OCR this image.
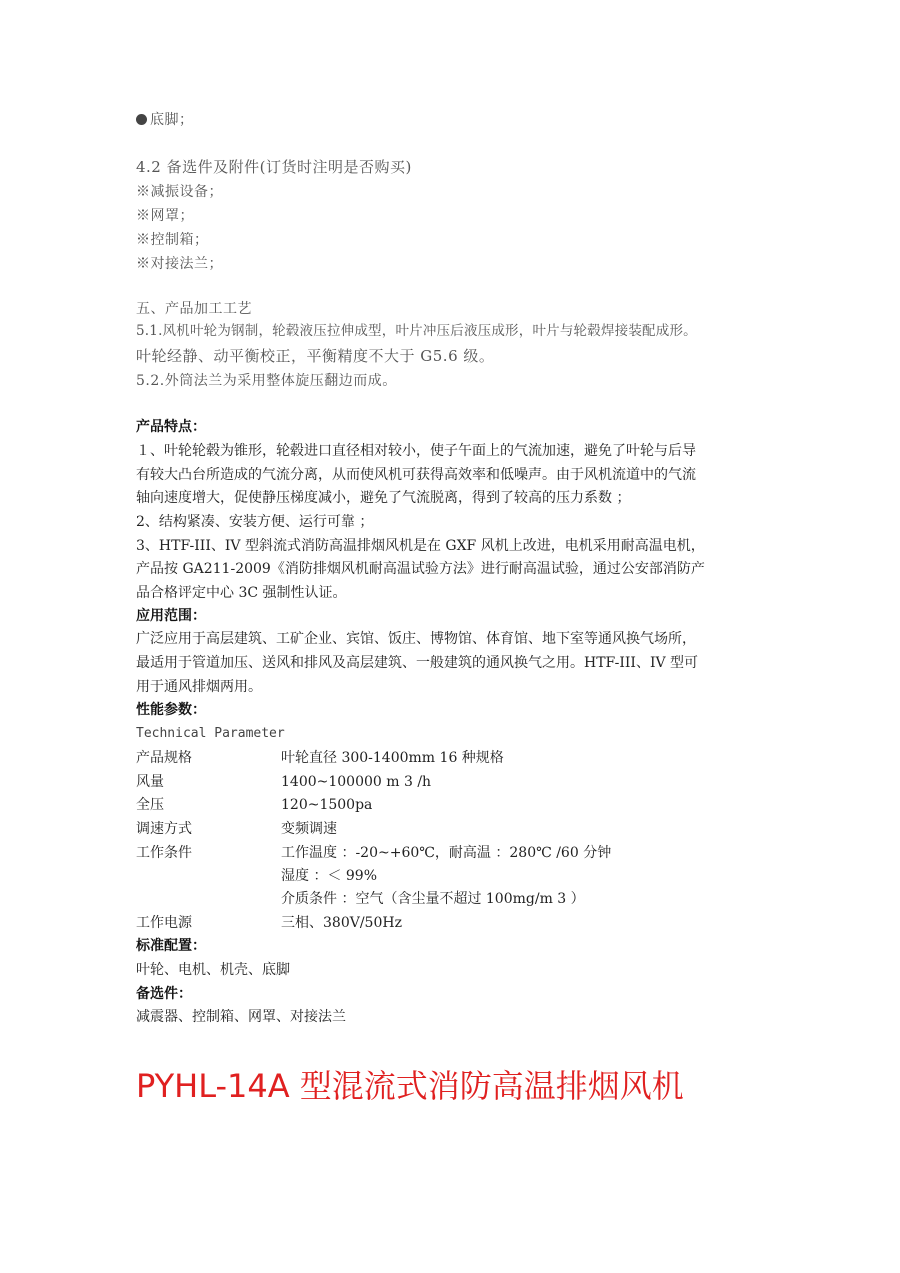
底脚；

4.2 备选件及附件(订货时注明是否购买)

※减振设备；

※网罩；

※控制箱；

※对接法兰；

五、产品加工工艺

5.1.风机叶轮为钢制，轮毂液压拉伸成型，叶片冲压后液压成形，叶片与轮毂焊接装配成形。

叶轮经静、动平衡校正，平衡精度不大于 G5.6 级。

5.2.外筒法兰为采用整体旋压翻边而成。

产品特点：

１、叶轮轮毂为锥形，轮毂进口直径相对较小，使子午面上的气流加速，避免了叶轮与后导

有较大凸台所造成的气流分离，从而使风机可获得高效率和低噪声。由于风机流道中的气流

轴向速度增大，促使静压梯度减小，避免了气流脱离，得到了较高的压力系数 ；

2、结构紧凑、安装方便、运行可靠 ；

3、HTF-III、IV 型斜流式消防高温排烟风机是在 GXF 风机上改进，电机采用耐高温电机，

产品按 GA211-2009《消防排烟风机耐高温试验方法》进行耐高温试验，通过公安部消防产

品合格评定中心 3C 强制性认证。

应用范围：

广泛应用于高层建筑、工矿企业、宾馆、饭庄、博物馆、体育馆、地下室等通风换气场所，

最适用于管道加压、送风和排风及高层建筑、一般建筑的通风换气之用。HTF-III、IV 型可

用于通风排烟两用。

性能参数：

Technical Parameter

产品规格	叶轮直径 300-1400mm 16 种规格
风量	1400~100000 m 3 /h
全压	120~1500pa
调速方式	变频调速
工作条件	工作温度 ：-20~+60℃，耐高温 ：280℃ /60 分钟
湿度 ：＜ 99%
介质条件 ：空气（含尘量不超过 100mg/m 3 ）
工作电源	三相、380V/50Hz

标准配置：

叶轮、电机、机壳、底脚

备选件：

减震器、控制箱、网罩、对接法兰

PYHL-14A 型混流式消防高温排烟风机
